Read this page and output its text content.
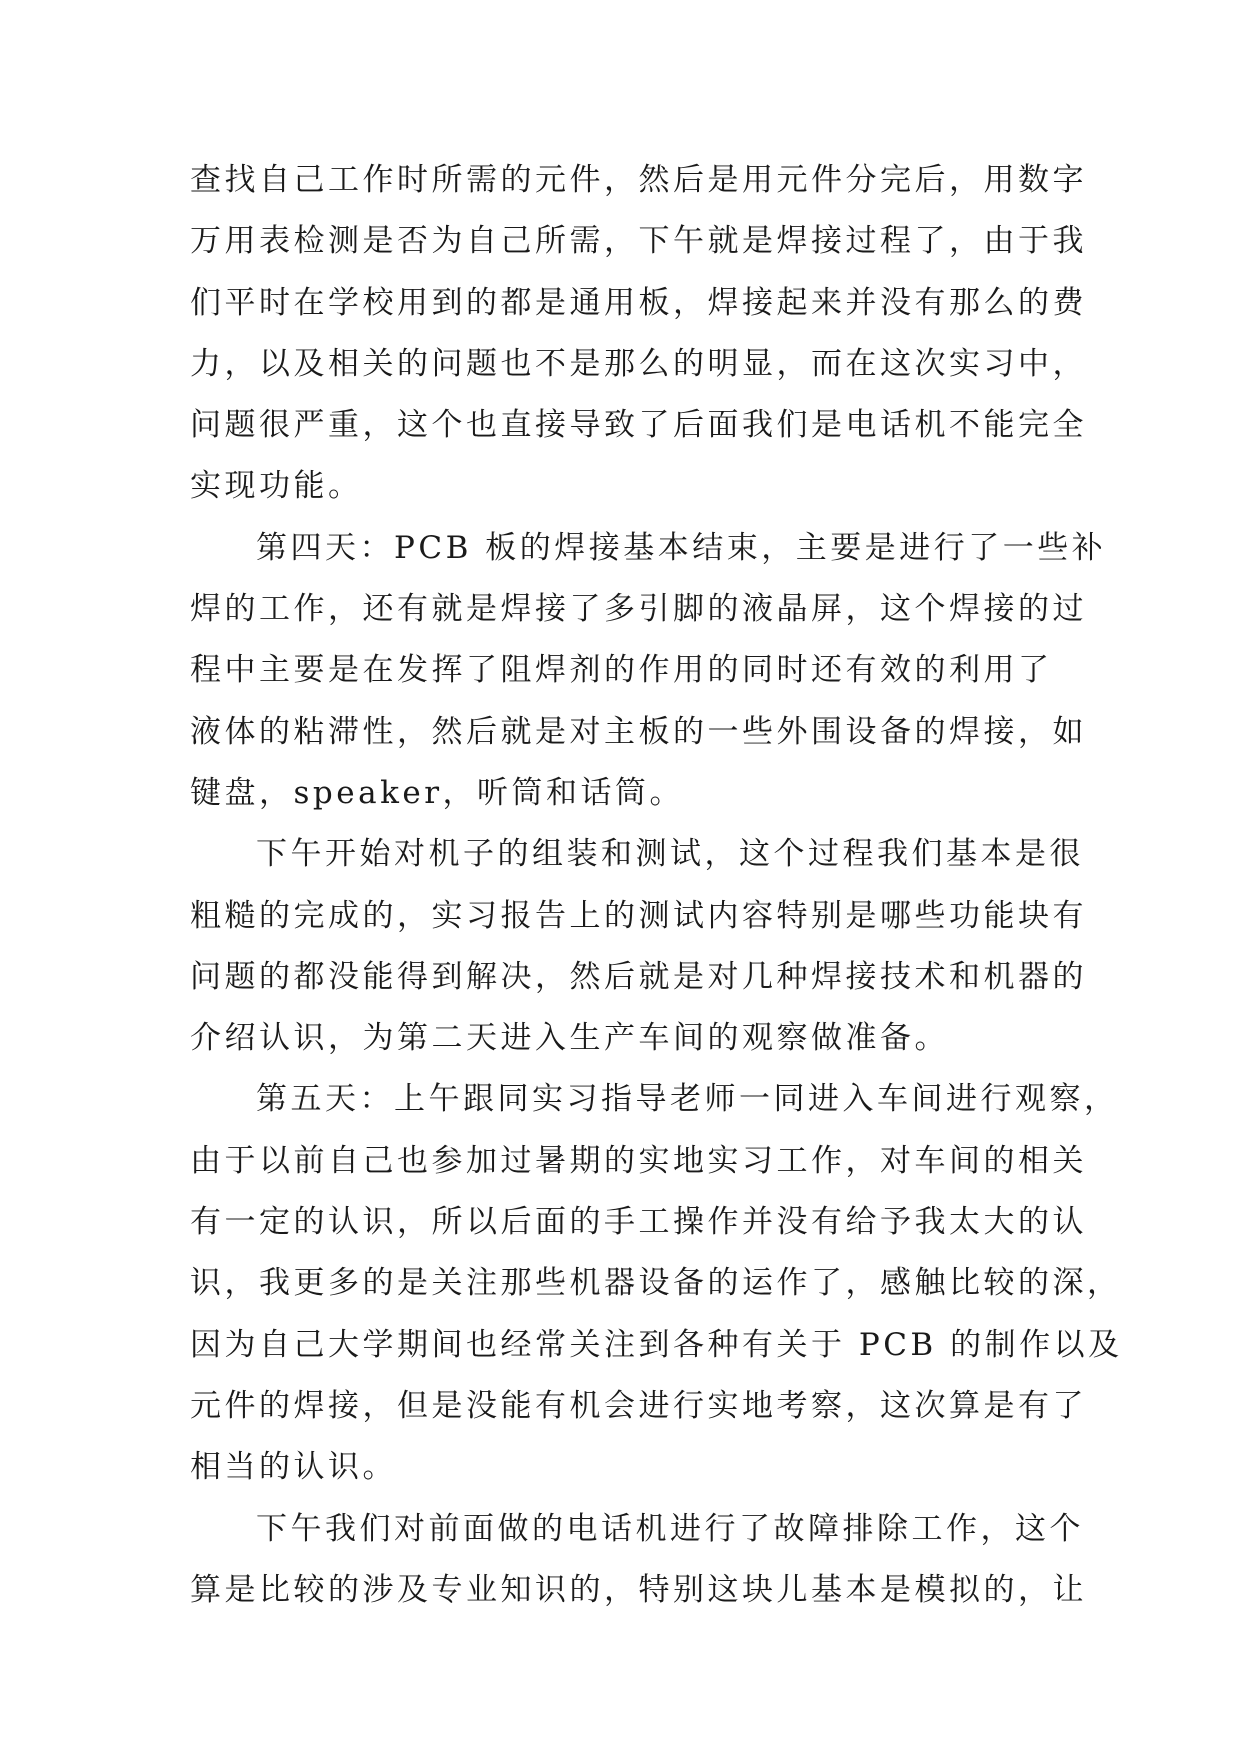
查找自己工作时所需的元件，然后是用元件分完后，用数字
万用表检测是否为自己所需，下午就是焊接过程了，由于我
们平时在学校用到的都是通用板，焊接起来并没有那么的费
力，以及相关的问题也不是那么的明显，而在这次实习中，
问题很严重，这个也直接导致了后面我们是电话机不能完全
实现功能。
第四天：PCB 板的焊接基本结束，主要是进行了一些补
焊的工作，还有就是焊接了多引脚的液晶屏，这个焊接的过
程中主要是在发挥了阻焊剂的作用的同时还有效的利用了
液体的粘滞性，然后就是对主板的一些外围设备的焊接，如
键盘，speaker，听筒和话筒。
下午开始对机子的组装和测试，这个过程我们基本是很
粗糙的完成的，实习报告上的测试内容特别是哪些功能块有
问题的都没能得到解决，然后就是对几种焊接技术和机器的
介绍认识，为第二天进入生产车间的观察做准备。
第五天：上午跟同实习指导老师一同进入车间进行观察，
由于以前自己也参加过暑期的实地实习工作，对车间的相关
有一定的认识，所以后面的手工操作并没有给予我太大的认
识，我更多的是关注那些机器设备的运作了，感触比较的深，
因为自己大学期间也经常关注到各种有关于 PCB 的制作以及
元件的焊接，但是没能有机会进行实地考察，这次算是有了
相当的认识。
下午我们对前面做的电话机进行了故障排除工作，这个
算是比较的涉及专业知识的，特别这块儿基本是模拟的，让
